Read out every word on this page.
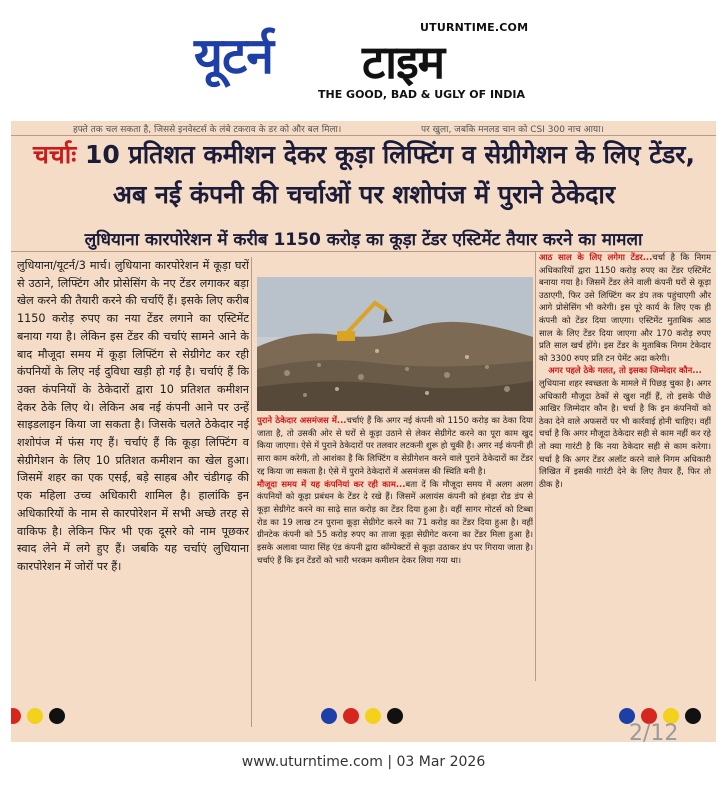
UTURNTIME.COM
यूटर्न टाइम
THE GOOD, BAD & UGLY OF INDIA
हफ्ते तक चल सकता है, जिससे इनवेस्टर्स के लंबे टकराव के डर को और बल मिला।	पर खुला, जबकि मनलड चान को CSI 300 नाच आया।
चर्चाः 10 प्रतिशत कमीशन देकर कूड़ा लिफ्टिंग व सेग्रीगेशन के लिए टेंडर, अब नई कंपनी की चर्चाओं पर शशोपंज में पुराने ठेकेदार
लुधियाना कारपोरेशन में करीब 1150 करोड़ का कूड़ा टेंडर एस्टिमेंट तैयार करने का मामला
लुधियाना/यूटर्न/3 मार्च। लुधियाना कारपोरेशन में कूड़ा घरों से उठाने, लिफ्टिंग और प्रोसेसिंग के नए टेंडर लगाकर बड़ा खेल करने की तैयारी करने की चर्चाएँ हैं। इसके लिए करीब 1150 करोड़ रुपए का नया टेंडर लगाने का एस्टिमेंट बनाया गया है। लेकिन इस टेंडर की चर्चाएं सामने आने के बाद मौजूदा समय में कूड़ा लिफ्टिंग से सेग्रीगेट कर रही कंपनियों के लिए नई दुविधा खड़ी हो गई है। चर्चाएं हैं कि उक्त कंपनियों के ठेकेदारों द्वारा 10 प्रतिशत कमीशन देकर ठेके लिए थे। लेकिन अब नई कंपनी आने पर उन्हें साइडलाइन किया जा सकता है। जिसके चलते ठेकेदार नई शशोपंज में फंस गए हैं। चर्चाएं हैं कि कूड़ा लिफ्टिंग व सेग्रीगेशन के लिए 10 प्रतिशत कमीशन का खेल हुआ। जिसमें शहर का एक एसई, बड़े साहब और चंडीगढ़ की एक महिला उच्च अधिकारी शामिल है। हालांकि इन अधिकारियों के नाम से कारपोरेशन में सभी अच्छे तरह से वाकिफ है। लेकिन फिर भी एक दूसरे को नाम पूछकर स्वाद लेने में लगे हुए हैं। जबकि यह चर्चाएं लुधियाना कारपोरेशन में जोरों पर हैं।
पुराने ठेकेदार असमंजस में...चर्चाएं हैं कि अगर नई कंपनी को 1150 करोड़ का ठेका दिया जाता है, तो उसकी ओर से घरों से कूड़ा उठाने से लेकर सेग्रीगेट करने का पूरा काम खुद किया जाएगा। ऐसे में पुराने ठेकेदारों पर तलवार लटकनी शुरू हो चुकी है। अगर नई कंपनी ही सारा काम करेगी, तो आशंका है कि लिफ्टिंग व सेग्रीगेशन करने वाले पुराने ठेकेदारों का टेंडर रद्द किया जा सकता है। ऐसे में पुराने ठेकेदारों में असमंजस की स्थिति बनी है।
मौजूदा समय में यह कंपनियां कर रही काम...बता दें कि मौजूदा समय में अलग अलग कंपनियों को कूड़ा प्रबंधन के टेंडर दे रखे हैं। जिसमें अलायंस कंपनी को हंबड़ा रोड डंप से कूड़ा सेग्रीगेट करने का साढ़े सात करोड़ का टेंडर दिया हुआ है। वहीं सागर मोटर्स को टिब्बा रोड का 19 लाख टन पुराना कूड़ा सेग्रीगेट करने का 71 करोड़ का टेंडर दिया हुआ है। वहीं ग्रीनटेक कंपनी को 55 करोड़ रुपए का ताजा कूड़ा सेग्रीगेट करना का टेंडर मिला हुआ है। इसके अलावा प्यारा सिंह एंड कंपनी द्वारा कॉम्पेक्टरों से कूड़ा उठाकर डंप पर गिराया जाता है। चर्चाएं हैं कि इन टेंडरों को भारी भरकम कमीशन देकर लिया गया था।
आठ साल के लिए लगेगा टेंडर...चर्चा है कि निगम अधिकारियों द्वारा 1150 करोड़ रुपए का टेंडर एस्टिमेंट बनाया गया है। जिसमें टेंडर लेने वाली कंपनी घरों से कूड़ा उठाएगी, फिर उसे लिफ्टिंग कर डंप तक पहुंचाएगी और आगे प्रोसेसिंग भी करेगी। इस पूरे कार्य के लिए एक ही कंपनी को टेंडर दिया जाएगा। एस्टिमेंट मुताबिक आठ साल के लिए टेंडर दिया जाएगा और 170 करोड़ रुपए प्रति साल खर्च होंगे। इस टेंडर के मुताबिक निगम टेकेदार को 3300 रुपए प्रति टन पेमेंट अदा करेगी।

अगर पहले ठेके गलत, तो इसका जिम्मेदार कौन...
लुधियाना शहर स्वच्छता के मामले में पिछड़ चुका है। अगर अधिकारी मौजूदा ठेकों से खुश नहीं हैं, तो इसके पीछे आखिर जिम्मेदार कौन है। चर्चा है कि इन कंपनियों को ठेका देने वाले अफसरों पर भी कार्रवाई होनी चाहिए। वहीं चर्चा है कि अगर मौजूदा ठेकेदार सही से काम नहीं कर रहे तो क्या गारंटी है कि नया ठेकेदार सही से काम करेगा। चर्चा है कि अगर टेंडर अलॉट करने वाले निगम अधिकारी लिखित में इसकी गारंटी देने के लिए तैयार हैं, फिर तो ठीक है।
2/12
www.uturntime.com | 03 Mar 2026
